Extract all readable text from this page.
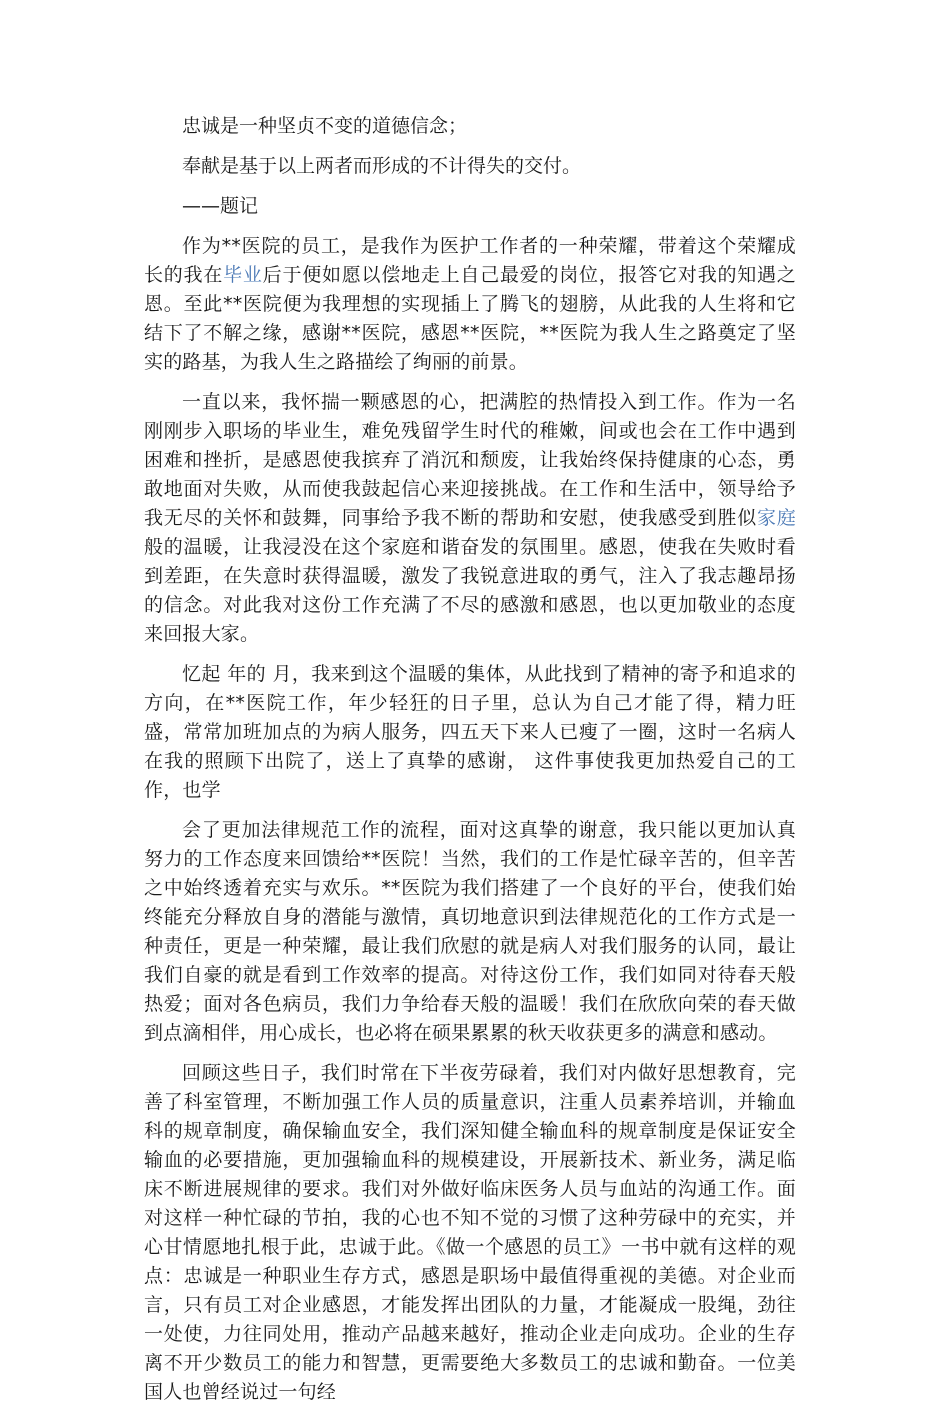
忠诚是一种坚贞不变的道德信念；

奉献是基于以上两者而形成的不计得失的交付。

——题记

作为**医院的员工，是我作为医护工作者的一种荣耀，带着这个荣耀成长的我在毕业后于便如愿以偿地走上自己最爱的岗位，报答它对我的知遇之恩。至此**医院便为我理想的实现插上了腾飞的翅膀，从此我的人生将和它结下了不解之缘，感谢**医院，感恩**医院，**医院为我人生之路奠定了坚实的路基，为我人生之路描绘了绚丽的前景。

一直以来，我怀揣一颗感恩的心，把满腔的热情投入到工作。作为一名刚刚步入职场的毕业生，难免残留学生时代的稚嫩，间或也会在工作中遇到困难和挫折，是感恩使我摈弃了消沉和颓废，让我始终保持健康的心态，勇敢地面对失败，从而使我鼓起信心来迎接挑战。在工作和生活中，领导给予我无尽的关怀和鼓舞，同事给予我不断的帮助和安慰，使我感受到胜似家庭般的温暖，让我浸没在这个家庭和谐奋发的氛围里。感恩，使我在失败时看到差距，在失意时获得温暖，激发了我锐意进取的勇气，注入了我志趣昂扬的信念。对此我对这份工作充满了不尽的感激和感恩，也以更加敬业的态度来回报大家。

忆起 年的 月，我来到这个温暖的集体，从此找到了精神的寄予和追求的方向，在**医院工作，年少轻狂的日子里，总认为自己才能了得，精力旺盛，常常加班加点的为病人服务，四五天下来人已瘦了一圈，这时一名病人在我的照顾下出院了，送上了真挚的感谢， 这件事使我更加热爱自己的工作，也学

会了更加法律规范工作的流程，面对这真挚的谢意，我只能以更加认真努力的工作态度来回馈给**医院！当然，我们的工作是忙碌辛苦的，但辛苦之中始终透着充实与欢乐。**医院为我们搭建了一个良好的平台，使我们始终能充分释放自身的潜能与激情，真切地意识到法律规范化的工作方式是一种责任，更是一种荣耀，最让我们欣慰的就是病人对我们服务的认同，最让我们自豪的就是看到工作效率的提高。对待这份工作，我们如同对待春天般热爱；面对各色病员，我们力争给春天般的温暖！我们在欣欣向荣的春天做到点滴相伴，用心成长，也必将在硕果累累的秋天收获更多的满意和感动。

回顾这些日子，我们时常在下半夜劳碌着，我们对内做好思想教育，完善了科室管理，不断加强工作人员的质量意识，注重人员素养培训，并输血科的规章制度，确保输血安全，我们深知健全输血科的规章制度是保证安全输血的必要措施，更加强输血科的规模建设，开展新技术、新业务，满足临床不断进展规律的要求。我们对外做好临床医务人员与血站的沟通工作。面对这样一种忙碌的节拍，我的心也不知不觉的习惯了这种劳碌中的充实，并心甘情愿地扎根于此，忠诚于此。《做一个感恩的员工》一书中就有这样的观点：忠诚是一种职业生存方式，感恩是职场中最值得重视的美德。对企业而言，只有员工对企业感恩，才能发挥出团队的力量，才能凝成一股绳，劲往一处使，力往同处用，推动产品越来越好，推动企业走向成功。企业的生存离不开少数员工的能力和智慧，更需要绝大多数员工的忠诚和勤奋。一位美国人也曾经说过一句经
